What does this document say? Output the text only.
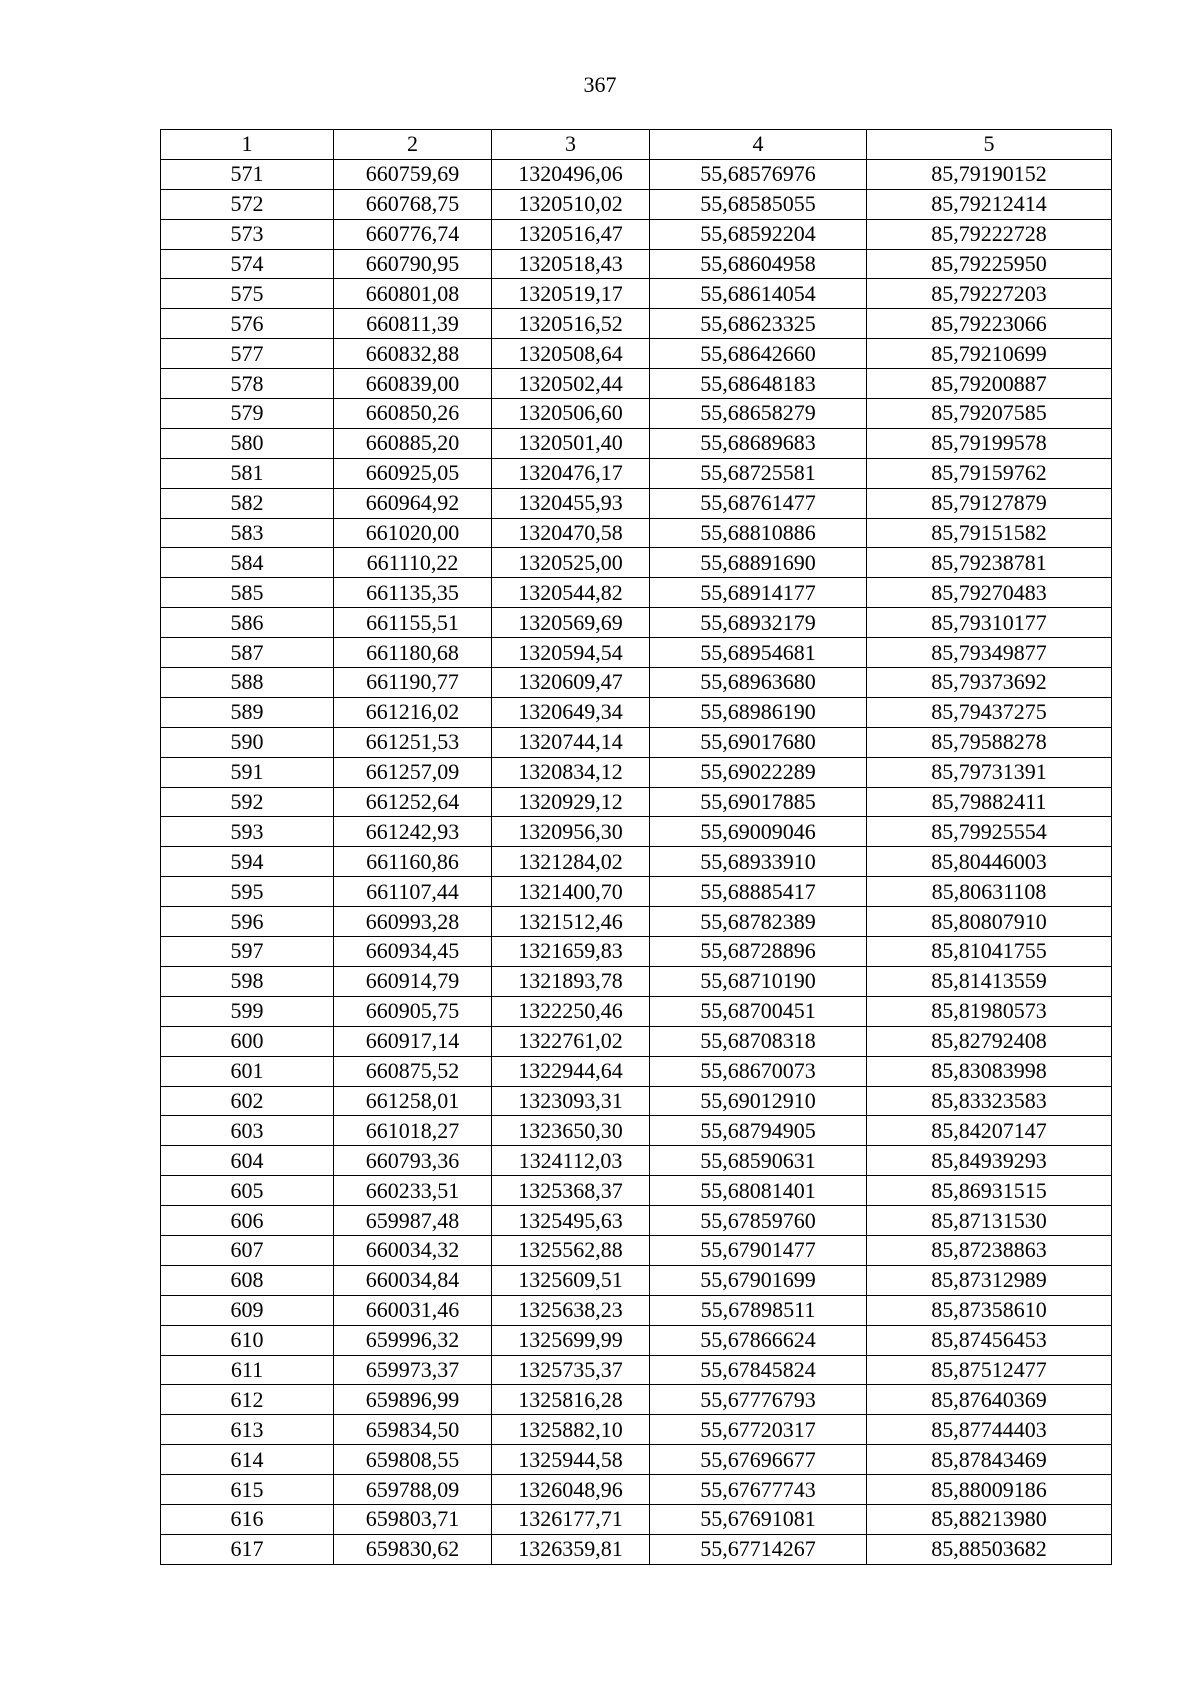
367
1	2	3	4	5
571	660759,69	1320496,06	55,68576976	85,79190152
572	660768,75	1320510,02	55,68585055	85,79212414
573	660776,74	1320516,47	55,68592204	85,79222728
574	660790,95	1320518,43	55,68604958	85,79225950
575	660801,08	1320519,17	55,68614054	85,79227203
576	660811,39	1320516,52	55,68623325	85,79223066
577	660832,88	1320508,64	55,68642660	85,79210699
578	660839,00	1320502,44	55,68648183	85,79200887
579	660850,26	1320506,60	55,68658279	85,79207585
580	660885,20	1320501,40	55,68689683	85,79199578
581	660925,05	1320476,17	55,68725581	85,79159762
582	660964,92	1320455,93	55,68761477	85,79127879
583	661020,00	1320470,58	55,68810886	85,79151582
584	661110,22	1320525,00	55,68891690	85,79238781
585	661135,35	1320544,82	55,68914177	85,79270483
586	661155,51	1320569,69	55,68932179	85,79310177
587	661180,68	1320594,54	55,68954681	85,79349877
588	661190,77	1320609,47	55,68963680	85,79373692
589	661216,02	1320649,34	55,68986190	85,79437275
590	661251,53	1320744,14	55,69017680	85,79588278
591	661257,09	1320834,12	55,69022289	85,79731391
592	661252,64	1320929,12	55,69017885	85,79882411
593	661242,93	1320956,30	55,69009046	85,79925554
594	661160,86	1321284,02	55,68933910	85,80446003
595	661107,44	1321400,70	55,68885417	85,80631108
596	660993,28	1321512,46	55,68782389	85,80807910
597	660934,45	1321659,83	55,68728896	85,81041755
598	660914,79	1321893,78	55,68710190	85,81413559
599	660905,75	1322250,46	55,68700451	85,81980573
600	660917,14	1322761,02	55,68708318	85,82792408
601	660875,52	1322944,64	55,68670073	85,83083998
602	661258,01	1323093,31	55,69012910	85,83323583
603	661018,27	1323650,30	55,68794905	85,84207147
604	660793,36	1324112,03	55,68590631	85,84939293
605	660233,51	1325368,37	55,68081401	85,86931515
606	659987,48	1325495,63	55,67859760	85,87131530
607	660034,32	1325562,88	55,67901477	85,87238863
608	660034,84	1325609,51	55,67901699	85,87312989
609	660031,46	1325638,23	55,67898511	85,87358610
610	659996,32	1325699,99	55,67866624	85,87456453
611	659973,37	1325735,37	55,67845824	85,87512477
612	659896,99	1325816,28	55,67776793	85,87640369
613	659834,50	1325882,10	55,67720317	85,87744403
614	659808,55	1325944,58	55,67696677	85,87843469
615	659788,09	1326048,96	55,67677743	85,88009186
616	659803,71	1326177,71	55,67691081	85,88213980
617	659830,62	1326359,81	55,67714267	85,88503682
